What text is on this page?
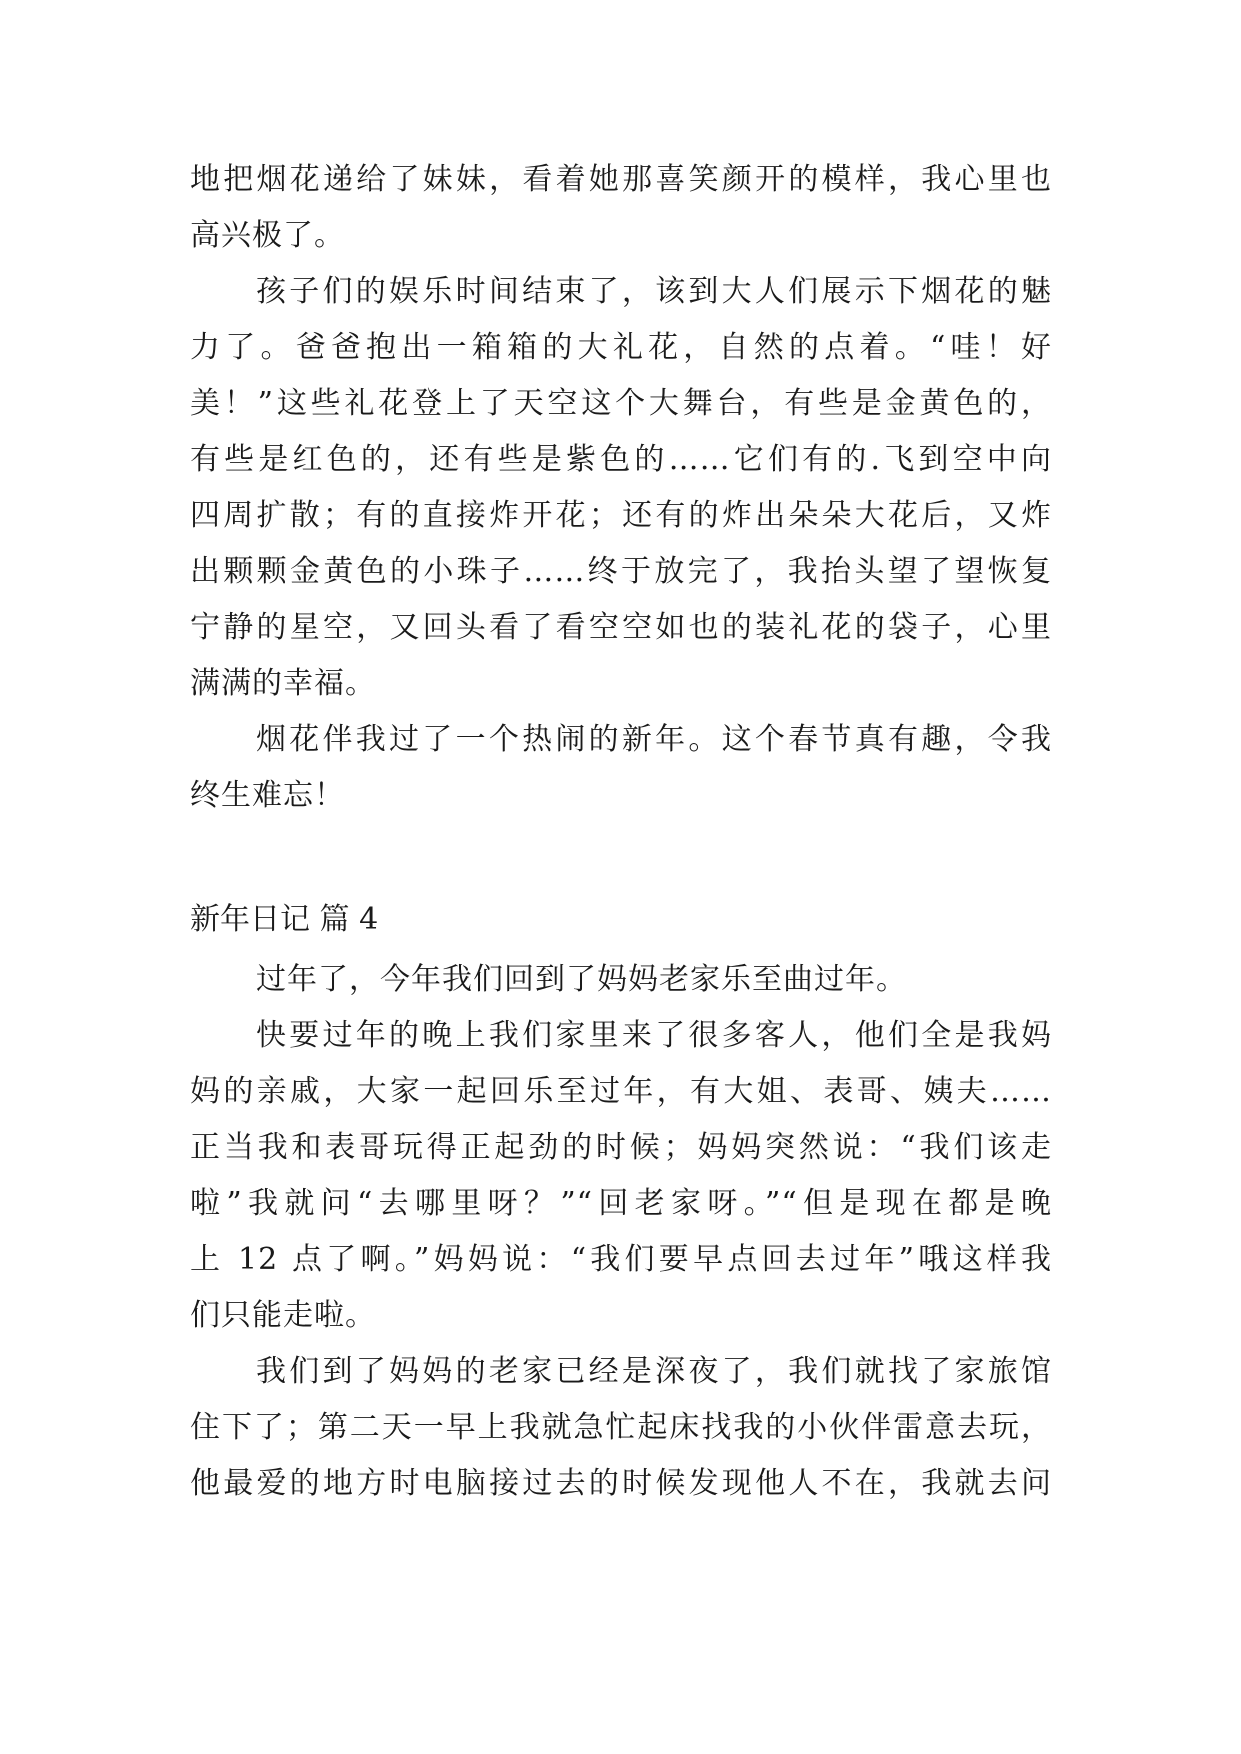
地把烟花递给了妹妹，看着她那喜笑颜开的模样，我心里也
高兴极了。
孩子们的娱乐时间结束了，该到大人们展示下烟花的魅
力了。爸爸抱出一箱箱的大礼花，自然的点着。“哇！好
美！”这些礼花登上了天空这个大舞台，有些是金黄色的，
有些是红色的，还有些是紫色的……它们有的.飞到空中向
四周扩散；有的直接炸开花；还有的炸出朵朵大花后，又炸
出颗颗金黄色的小珠子……终于放完了，我抬头望了望恢复
宁静的星空，又回头看了看空空如也的装礼花的袋子，心里
满满的幸福。
烟花伴我过了一个热闹的新年。这个春节真有趣，令我
终生难忘！
新年日记 篇 4
过年了，今年我们回到了妈妈老家乐至曲过年。
快要过年的晚上我们家里来了很多客人，他们全是我妈
妈的亲戚，大家一起回乐至过年，有大姐、表哥、姨夫……
正当我和表哥玩得正起劲的时候；妈妈突然说：“我们该走
啦”我就问“去哪里呀？”“回老家呀。”“但是现在都是晚
上 12 点了啊。”妈妈说：“我们要早点回去过年”哦这样我
们只能走啦。
我们到了妈妈的老家已经是深夜了，我们就找了家旅馆
住下了；第二天一早上我就急忙起床找我的小伙伴雷意去玩，
他最爱的地方时电脑接过去的时候发现他人不在，我就去问
